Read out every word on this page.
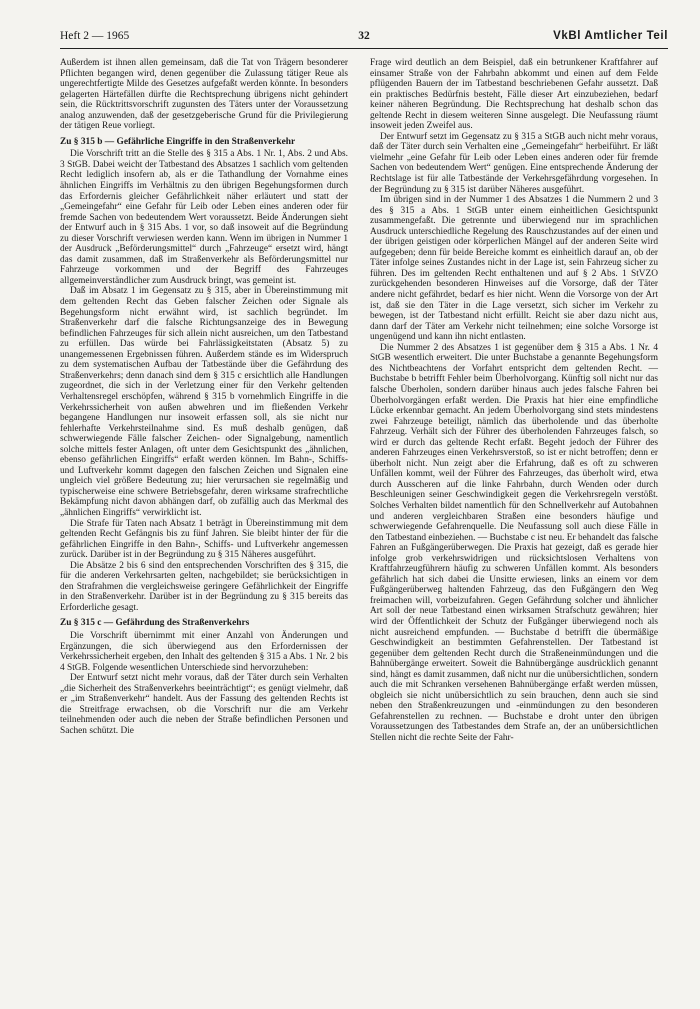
Heft 2 — 1965	32	VkBl Amtlicher Teil

Außerdem ist ihnen allen gemeinsam, daß die Tat von Trägern besonderer Pflichten begangen wird, denen gegenüber die Zulassung tätiger Reue als ungerechtfertigte Milde des Gesetzes aufgefaßt werden könnte. In besonders gelagerten Härtefällen dürfte die Rechtsprechung übrigens nicht gehindert sein, die Rücktrittsvorschrift zugunsten des Täters unter der Voraussetzung analog anzuwenden, daß der gesetzgeberische Grund für die Privilegierung der tätigen Reue vorliegt.

Zu § 315 b — Gefährliche Eingriffe in den Straßenverkehr

Die Vorschrift tritt an die Stelle des § 315 a Abs. 1 Nr. 1, Abs. 2 und Abs. 3 StGB. Dabei weicht der Tatbestand des Absatzes 1 sachlich vom geltenden Recht lediglich insofern ab, als er die Tathandlung der Vornahme eines ähnlichen Eingriffs im Verhältnis zu den übrigen Begehungsformen durch das Erfordernis gleicher Gefährlichkeit näher erläutert und statt der „Gemeingefahr“ eine Gefahr für Leib oder Leben eines anderen oder für fremde Sachen von bedeutendem Wert voraussetzt. Beide Änderungen sieht der Entwurf auch in § 315 Abs. 1 vor, so daß insoweit auf die Begründung zu dieser Vorschrift verwiesen werden kann. Wenn im übrigen in Nummer 1 der Ausdruck „Beförderungsmittel“ durch „Fahrzeuge“ ersetzt wird, hängt das damit zusammen, daß im Straßenverkehr als Beförderungsmittel nur Fahrzeuge vorkommen und der Begriff des Fahrzeuges allgemeinverständlicher zum Ausdruck bringt, was gemeint ist.

Daß im Absatz 1 im Gegensatz zu § 315, aber in Übereinstimmung mit dem geltenden Recht das Geben falscher Zeichen oder Signale als Begehungsform nicht erwähnt wird, ist sachlich begründet. Im Straßenverkehr darf die falsche Richtungsanzeige des in Bewegung befindlichen Fahrzeuges für sich allein nicht ausreichen, um den Tatbestand zu erfüllen. Das würde bei Fahrlässigkeitstaten (Absatz 5) zu unangemessenen Ergebnissen führen. Außerdem stände es im Widerspruch zu dem systematischen Aufbau der Tatbestände über die Gefährdung des Straßenverkehrs; denn danach sind dem § 315 c ersichtlich alle Handlungen zugeordnet, die sich in der Verletzung einer für den Verkehr geltenden Verhaltensregel erschöpfen, während § 315 b vornehmlich Eingriffe in die Verkehrssicherheit von außen abwehren und im fließenden Verkehr begangene Handlungen nur insoweit erfassen soll, als sie nicht nur fehlerhafte Verkehrsteilnahme sind. Es muß deshalb genügen, daß schwerwiegende Fälle falscher Zeichen- oder Signalgebung, namentlich solche mittels fester Anlagen, oft unter dem Gesichtspunkt des „ähnlichen, ebenso gefährlichen Eingriffs“ erfaßt werden können. Im Bahn-, Schiffs- und Luftverkehr kommt dagegen den falschen Zeichen und Signalen eine ungleich viel größere Bedeutung zu; hier verursachen sie regelmäßig und typischerweise eine schwere Betriebsgefahr, deren wirksame strafrechtliche Bekämpfung nicht davon abhängen darf, ob zufällig auch das Merkmal des „ähnlichen Eingriffs“ verwirklicht ist.

Die Strafe für Taten nach Absatz 1 beträgt in Übereinstimmung mit dem geltenden Recht Gefängnis bis zu fünf Jahren. Sie bleibt hinter der für die gefährlichen Eingriffe in den Bahn-, Schiffs- und Luftverkehr angemessen zurück. Darüber ist in der Begründung zu § 315 Näheres ausgeführt.

Die Absätze 2 bis 6 sind den entsprechenden Vorschriften des § 315, die für die anderen Verkehrsarten gelten, nachgebildet; sie berücksichtigen in den Strafrahmen die vergleichsweise geringere Gefährlichkeit der Eingriffe in den Straßenverkehr. Darüber ist in der Begründung zu § 315 bereits das Erforderliche gesagt.

Zu § 315 c — Gefährdung des Straßenverkehrs

Die Vorschrift übernimmt mit einer Anzahl von Änderungen und Ergänzungen, die sich überwiegend aus den Erfordernissen der Verkehrssicherheit ergeben, den Inhalt des geltenden § 315 a Abs. 1 Nr. 2 bis 4 StGB. Folgende wesentlichen Unterschiede sind hervorzuheben:

Der Entwurf setzt nicht mehr voraus, daß der Täter durch sein Verhalten „die Sicherheit des Straßenverkehrs beeinträchtigt“; es genügt vielmehr, daß er „im Straßenverkehr“ handelt. Aus der Fassung des geltenden Rechts ist die Streitfrage erwachsen, ob die Vorschrift nur die am Verkehr teilnehmenden oder auch die neben der Straße befindlichen Personen und Sachen schützt. Die

Frage wird deutlich an dem Beispiel, daß ein betrunkener Kraftfahrer auf einsamer Straße von der Fahrbahn abkommt und einen auf dem Felde pflügenden Bauern der im Tatbestand beschriebenen Gefahr aussetzt. Daß ein praktisches Bedürfnis besteht, Fälle dieser Art einzubeziehen, bedarf keiner näheren Begründung. Die Rechtsprechung hat deshalb schon das geltende Recht in diesem weiteren Sinne ausgelegt. Die Neufassung räumt insoweit jeden Zweifel aus.

Der Entwurf setzt im Gegensatz zu § 315 a StGB auch nicht mehr voraus, daß der Täter durch sein Verhalten eine „Gemeingefahr“ herbeiführt. Er läßt vielmehr „eine Gefahr für Leib oder Leben eines anderen oder für fremde Sachen von bedeutendem Wert“ genügen. Eine entsprechende Änderung der Rechtslage ist für alle Tatbestände der Verkehrsgefährdung vorgesehen. In der Begründung zu § 315 ist darüber Näheres ausgeführt.

Im übrigen sind in der Nummer 1 des Absatzes 1 die Nummern 2 und 3 des § 315 a Abs. 1 StGB unter einem einheitlichen Gesichtspunkt zusammengefaßt. Die getrennte und überwiegend nur im sprachlichen Ausdruck unterschiedliche Regelung des Rauschzustandes auf der einen und der übrigen geistigen oder körperlichen Mängel auf der anderen Seite wird aufgegeben; denn für beide Bereiche kommt es einheitlich darauf an, ob der Täter infolge seines Zustandes nicht in der Lage ist, sein Fahrzeug sicher zu führen. Des im geltenden Recht enthaltenen und auf § 2 Abs. 1 StVZO zurückgehenden besonderen Hinweises auf die Vorsorge, daß der Täter andere nicht gefährdet, bedarf es hier nicht. Wenn die Vorsorge von der Art ist, daß sie den Täter in die Lage versetzt, sich sicher im Verkehr zu bewegen, ist der Tatbestand nicht erfüllt. Reicht sie aber dazu nicht aus, dann darf der Täter am Verkehr nicht teilnehmen; eine solche Vorsorge ist ungenügend und kann ihn nicht entlasten.

Die Nummer 2 des Absatzes 1 ist gegenüber dem § 315 a Abs. 1 Nr. 4 StGB wesentlich erweitert. Die unter Buchstabe a genannte Begehungsform des Nichtbeachtens der Vorfahrt entspricht dem geltenden Recht. — Buchstabe b betrifft Fehler beim Überholvorgang. Künftig soll nicht nur das falsche Überholen, sondern darüber hinaus auch jedes falsche Fahren bei Überholvorgängen erfaßt werden. Die Praxis hat hier eine empfindliche Lücke erkennbar gemacht. An jedem Überholvorgang sind stets mindestens zwei Fahrzeuge beteiligt, nämlich das überholende und das überholte Fahrzeug. Verhält sich der Führer des überholenden Fahrzeuges falsch, so wird er durch das geltende Recht erfaßt. Begeht jedoch der Führer des anderen Fahrzeuges einen Verkehrsverstoß, so ist er nicht betroffen; denn er überholt nicht. Nun zeigt aber die Erfahrung, daß es oft zu schweren Unfällen kommt, weil der Führer des Fahrzeuges, das überholt wird, etwa durch Ausscheren auf die linke Fahrbahn, durch Wenden oder durch Beschleunigen seiner Geschwindigkeit gegen die Verkehrsregeln verstößt. Solches Verhalten bildet namentlich für den Schnellverkehr auf Autobahnen und anderen vergleichbaren Straßen eine besonders häufige und schwerwiegende Gefahrenquelle. Die Neufassung soll auch diese Fälle in den Tatbestand einbeziehen. — Buchstabe c ist neu. Er behandelt das falsche Fahren an Fußgängerüberwegen. Die Praxis hat gezeigt, daß es gerade hier infolge grob verkehrswidrigen und rücksichtslosen Verhaltens von Kraftfahrzeugführern häufig zu schweren Unfällen kommt. Als besonders gefährlich hat sich dabei die Unsitte erwiesen, links an einem vor dem Fußgängerüberweg haltenden Fahrzeug, das den Fußgängern den Weg freimachen will, vorbeizufahren. Gegen Gefährdung solcher und ähnlicher Art soll der neue Tatbestand einen wirksamen Strafschutz gewähren; hier wird der Öffentlichkeit der Schutz der Fußgänger überwiegend noch als nicht ausreichend empfunden. — Buchstabe d betrifft die übermäßige Geschwindigkeit an bestimmten Gefahrenstellen. Der Tatbestand ist gegenüber dem geltenden Recht durch die Straßeneinmündungen und die Bahnübergänge erweitert. Soweit die Bahnübergänge ausdrücklich genannt sind, hängt es damit zusammen, daß nicht nur die unübersichtlichen, sondern auch die mit Schranken versehenen Bahnübergänge erfaßt werden müssen, obgleich sie nicht unübersichtlich zu sein brauchen, denn auch sie sind neben den Straßenkreuzungen und -einmündungen zu den besonderen Gefahrenstellen zu rechnen. — Buchstabe e droht unter den übrigen Voraussetzungen des Tatbestandes dem Strafe an, der an unübersichtlichen Stellen nicht die rechte Seite der Fahr-
